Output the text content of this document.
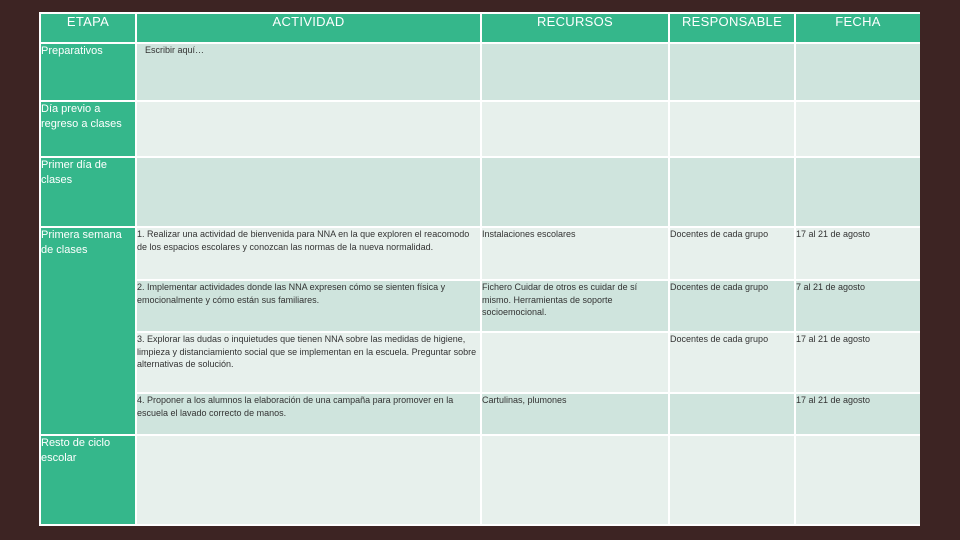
ETAPA	ACTIVIDAD	RECURSOS	RESPONSABLE	FECHA
Preparativos	Escribir aquí…			
Día previo a regreso a clases				
Primer día de clases				
Primera semana de clases	1. Realizar una actividad de bienvenida para NNA en la que exploren el reacomodo de los espacios escolares y conozcan las normas de la nueva normalidad.	Instalaciones escolares	Docentes de cada grupo	17 al 21 de agosto
	2. Implementar actividades donde las NNA expresen cómo se sienten física y emocionalmente y cómo están sus familiares.	Fichero Cuidar de otros es cuidar de sí mismo. Herramientas de soporte socioemocional.	Docentes de cada grupo	7 al 21 de agosto
	3. Explorar las dudas o inquietudes que tienen NNA sobre las medidas de higiene, limpieza y distanciamiento social que se implementan en la escuela. Preguntar sobre alternativas de solución.		Docentes de cada grupo	17 al 21 de agosto
	4. Proponer a los alumnos la elaboración de una campaña para promover en la escuela el lavado correcto de manos.	Cartulinas, plumones		17 al 21 de agosto
Resto de ciclo escolar				
